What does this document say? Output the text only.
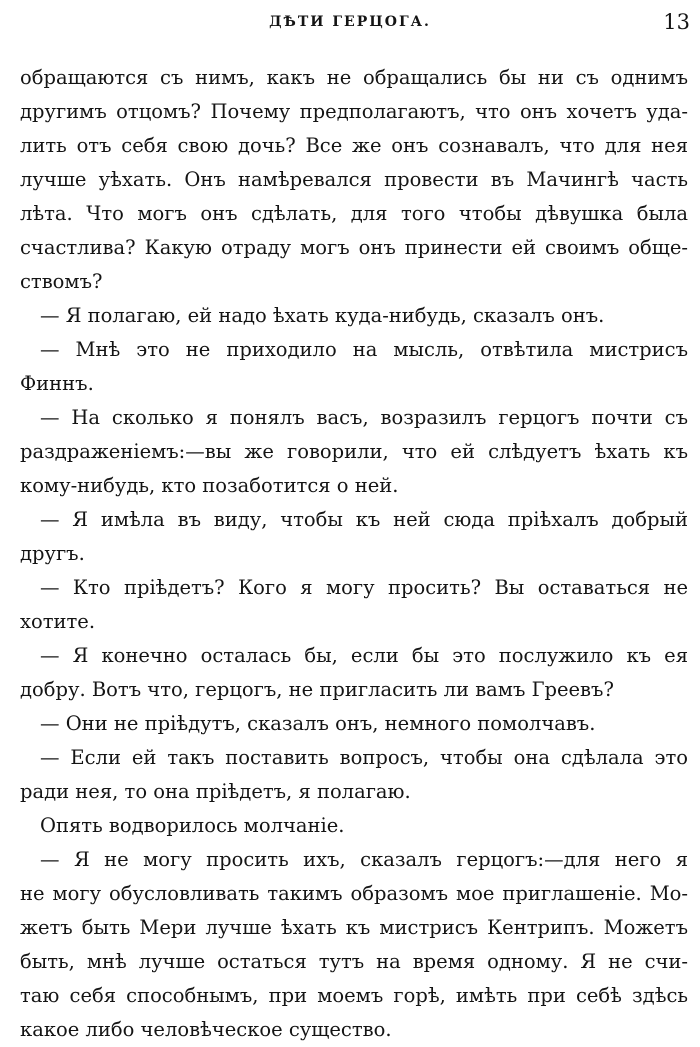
ДѢТИ ГЕРЦОГА.	13
обращаются съ нимъ, какъ не обращались бы ни съ однимъ
другимъ отцомъ? Почему предполагаютъ, что онъ хочетъ уда-
лить отъ себя свою дочь? Все же онъ сознавалъ, что для нея
лучше уѣхать. Онъ намѣревался провести въ Мачингѣ часть
лѣта. Что могъ онъ сдѣлать, для того чтобы дѣвушка была
счастлива? Какую отраду могъ онъ принести ей своимъ обще-
ствомъ?
— Я полагаю, ей надо ѣхать куда-нибудь, сказалъ онъ.
— Мнѣ это не приходило на мысль, отвѣтила мистрисъ
Финнъ.
— На сколько я понялъ васъ, возразилъ герцогъ почти съ
раздраженіемъ:—вы же говорили, что ей слѣдуетъ ѣхать къ
кому-нибудь, кто позаботится о ней.
— Я имѣла въ виду, чтобы къ ней сюда пріѣхалъ добрый
другъ.
— Кто пріѣдетъ? Кого я могу просить? Вы оставаться не
хотите.
— Я конечно осталась бы, если бы это послужило къ ея
добру. Вотъ что, герцогъ, не пригласить ли вамъ Греевъ?
— Они не пріѣдутъ, сказалъ онъ, немного помолчавъ.
— Если ей такъ поставить вопросъ, чтобы она сдѣлала это
ради нея, то она пріѣдетъ, я полагаю.
Опять водворилось молчаніе.
— Я не могу просить ихъ, сказалъ герцогъ:—для него я
не могу обусловливать такимъ образомъ мое приглашеніе. Мо-
жетъ быть Мери лучше ѣхать къ мистрисъ Кентрипъ. Можетъ
быть, мнѣ лучше остаться тутъ на время одному. Я не счи-
таю себя способнымъ, при моемъ горѣ, имѣть при себѣ здѣсь
какое либо человѣческое существо.
